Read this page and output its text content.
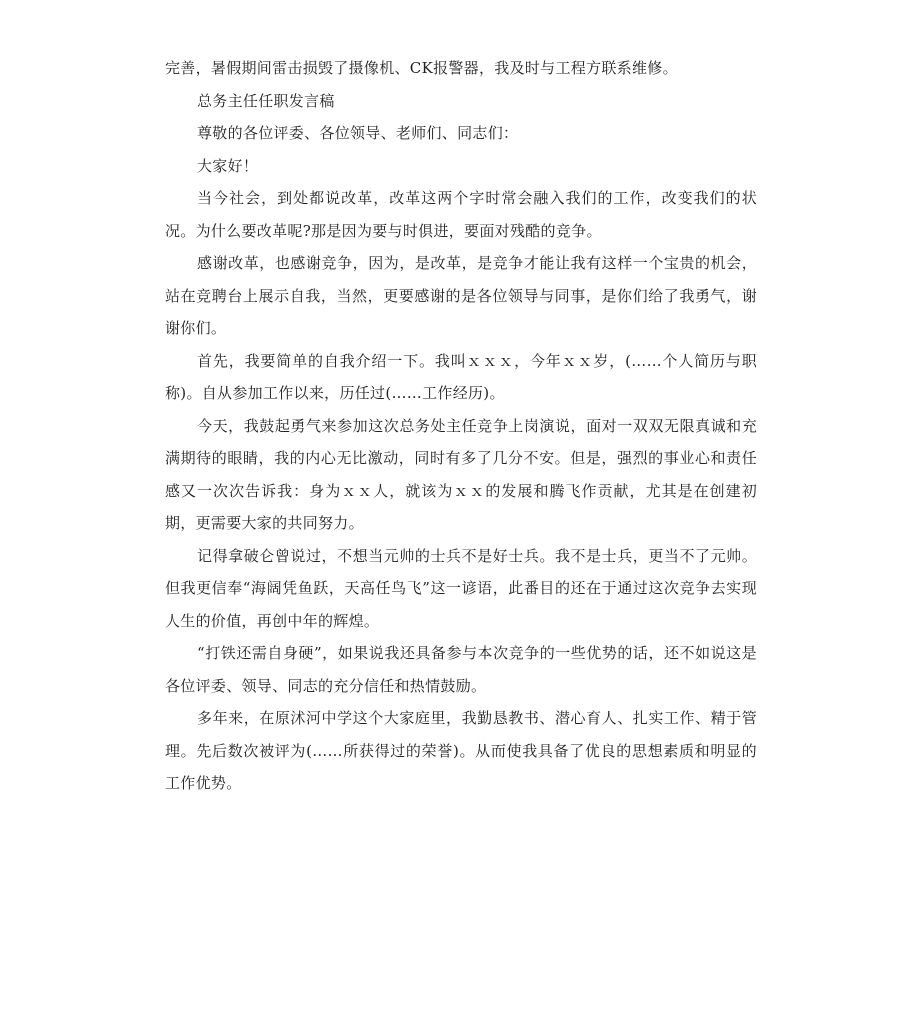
完善，暑假期间雷击损毁了摄像机、CK报警器，我及时与工程方联系维修。

总务主任任职发言稿

尊敬的各位评委、各位领导、老师们、同志们：

大家好！

当今社会，到处都说改革，改革这两个字时常会融入我们的工作，改变我们的状况。为什么要改革呢?那是因为要与时俱进，要面对残酷的竞争。

感谢改革，也感谢竞争，因为，是改革，是竞争才能让我有这样一个宝贵的机会，站在竞聘台上展示自我，当然，更要感谢的是各位领导与同事，是你们给了我勇气，谢谢你们。

首先，我要简单的自我介绍一下。我叫ｘｘｘ，今年ｘｘ岁，(……个人简历与职称)。自从参加工作以来，历任过(……工作经历)。

今天，我鼓起勇气来参加这次总务处主任竞争上岗演说，面对一双双无限真诚和充满期待的眼睛，我的内心无比激动，同时有多了几分不安。但是，强烈的事业心和责任感又一次次告诉我：身为ｘｘ人，就该为ｘｘ的发展和腾飞作贡献，尤其是在创建初期，更需要大家的共同努力。

记得拿破仑曾说过，不想当元帅的士兵不是好士兵。我不是士兵，更当不了元帅。但我更信奉“海阔凭鱼跃，天高任鸟飞”这一谚语，此番目的还在于通过这次竞争去实现人生的价值，再创中年的辉煌。

“打铁还需自身硬”，如果说我还具备参与本次竞争的一些优势的话，还不如说这是各位评委、领导、同志的充分信任和热情鼓励。

多年来，在原沭河中学这个大家庭里，我勤恳教书、潜心育人、扎实工作、精于管理。先后数次被评为(……所获得过的荣誉)。从而使我具备了优良的思想素质和明显的工作优势。
